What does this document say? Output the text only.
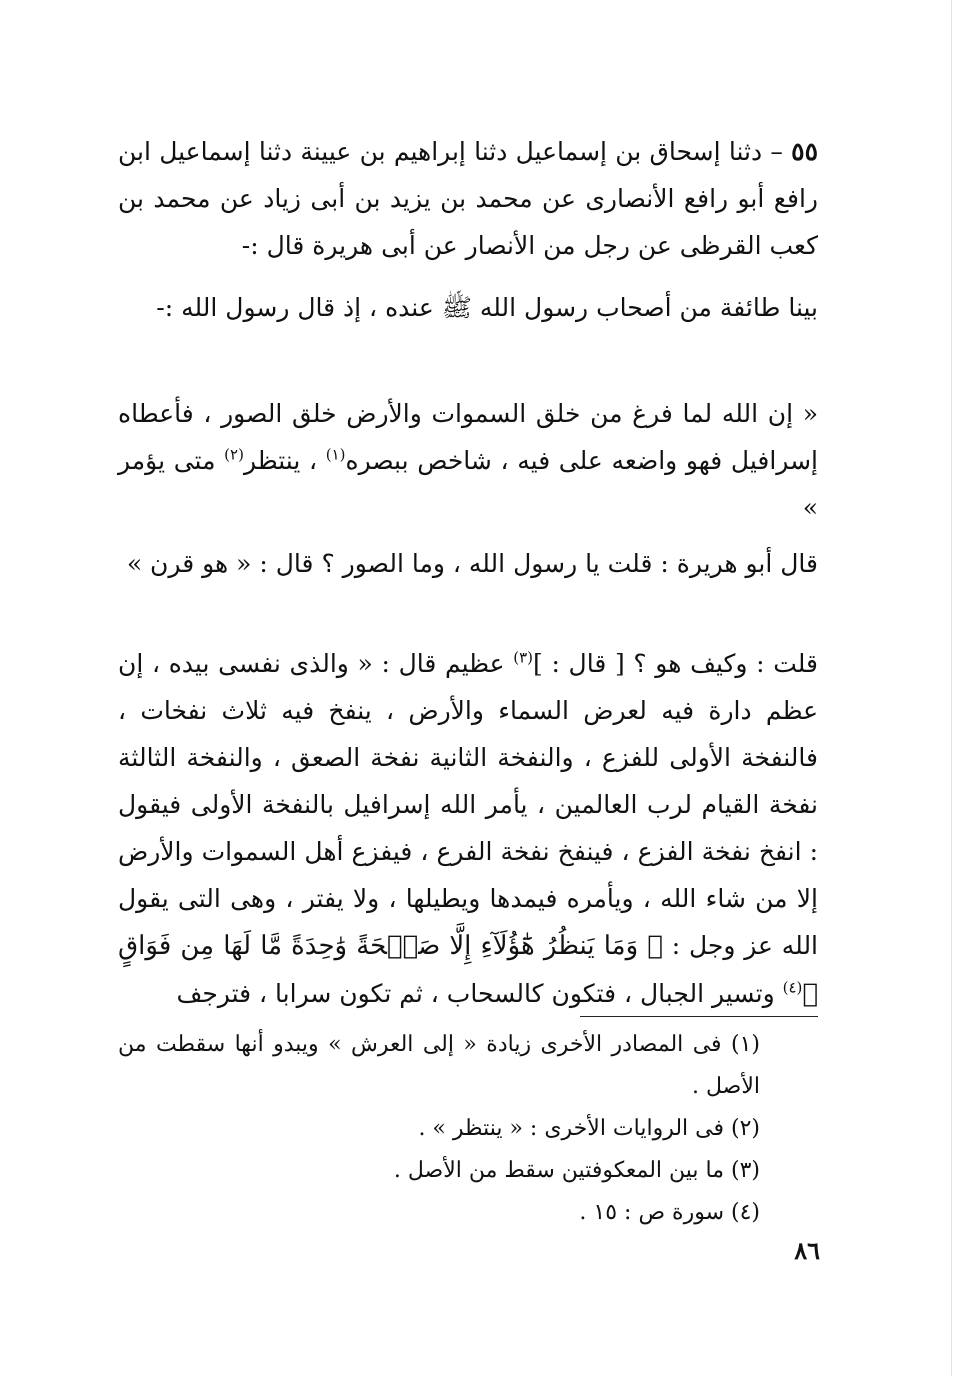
٥٥ – دثنا إسحاق بن إسماعيل دثنا إبراهيم بن عيينة دثنا إسماعيل ابن رافع أبو رافع الأنصارى عن محمد بن يزيد بن أبى زياد عن محمد بن كعب القرظى عن رجل من الأنصار عن أبى هريرة قال :-
بينا طائفة من أصحاب رسول الله ﷺ عنده ، إذ قال رسول الله :-
« إن الله لما فرغ من خلق السموات والأرض خلق الصور ، فأعطاه إسرافيل فهو واضعه على فيه ، شاخص ببصره$^{(١)}$ ، ينتظر$^{(٢)}$ متى يؤمر »
قال أبو هريرة : قلت يا رسول الله ، وما الصور ؟ قال : « هو قرن »
قلت : وكيف هو ؟ [ قال : ]$^{(٣)}$ عظيم قال : « والذى نفسى بيده ، إن عظم دارة فيه لعرض السماء والأرض ، ينفخ فيه ثلاث نفخات ، فالنفخة الأولى للفزع ، والنفخة الثانية نفخة الصعق ، والنفخة الثالثة نفخة القيام لرب العالمين ، يأمر الله إسرافيل بالنفخة الأولى فيقول : انفخ نفخة الفزع ، فينفخ نفخة الفرع ، فيفزع أهل السموات والأرض إلا من شاء الله ، ويأمره فيمدها ويطيلها ، ولا يفتر ، وهى التى يقول الله عز وجل : ﴿ وَمَا يَنظُرُ هَٰٓؤُلَآءِ إِلَّا صَيۡحَةً وَٰحِدَةً مَّا لَهَا مِن فَوَاقٍ ﴾$^{(٤)}$ وتسير الجبال ، فتكون كالسحاب ، ثم تكون سرابا ، فترجف
(١) فى المصادر الأخرى زيادة « إلى العرش » ويبدو أنها سقطت من الأصل .
(٢) فى الروايات الأخرى : « ينتظر » .
(٣) ما بين المعكوفتين سقط من الأصل .
(٤) سورة ص : ١٥ .
٨٦
